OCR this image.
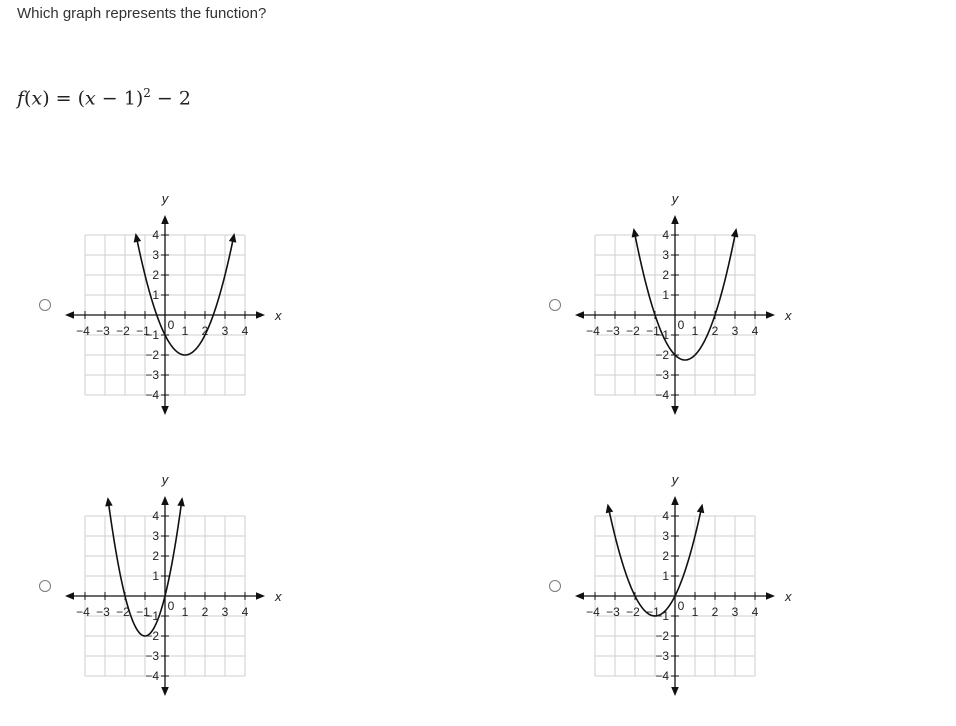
Which graph represents the function?
$f(x) = (x - 1)^2 - 2$
−4 −3 −2 −1 0 1 2 3 4
4
3
2
1
−1
−2
−3
−4
x
y
−4 −3 −2 −1 0 1 2 3 4
4
3
2
1
−1
−2
−3
−4
x
y
−4 −3 −2 −1 0 1 2 3 4
4
3
2
1
−1
−2
−3
−4
x
y
−4 −3 −2 −1 0 1 2 3 4
4
3
2
1
−1
−2
−3
−4
x
y
